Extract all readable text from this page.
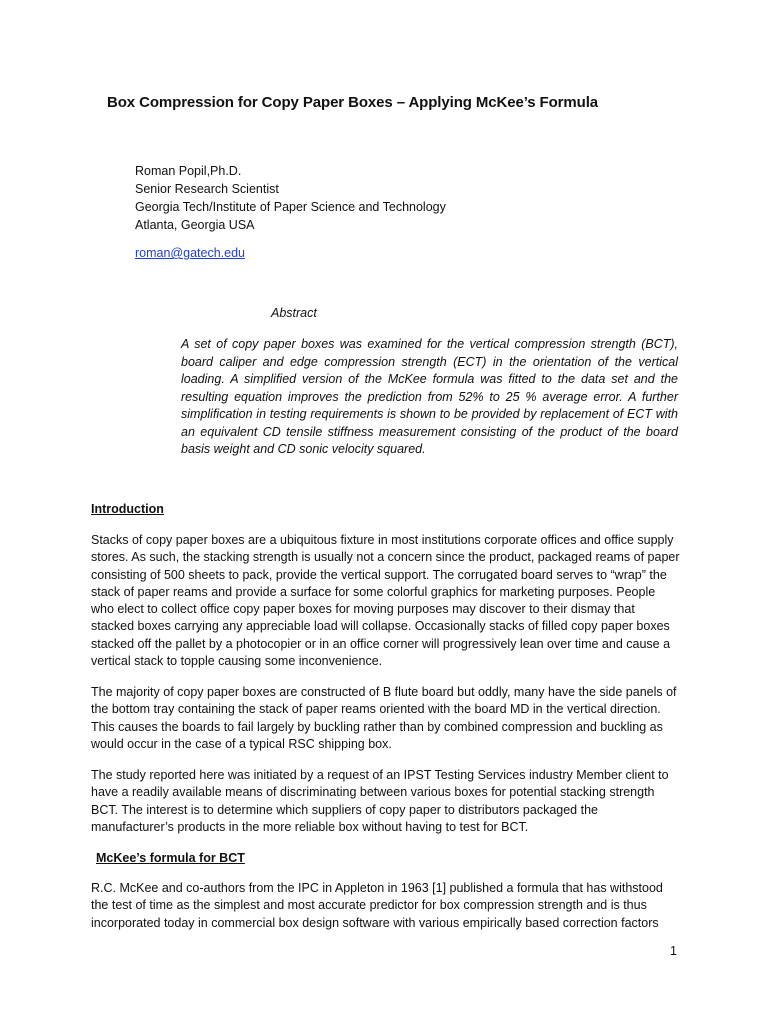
Box Compression for Copy Paper Boxes – Applying McKee’s Formula
Roman Popil,Ph.D.
Senior Research Scientist
Georgia Tech/Institute of Paper Science and Technology
Atlanta, Georgia USA
roman@gatech.edu
Abstract
A set of copy paper boxes was examined for the vertical compression strength (BCT), board caliper and edge compression strength (ECT) in the orientation of the vertical loading. A simplified version of the McKee formula was fitted to the data set and the resulting equation improves the prediction from 52% to 25 % average error. A further simplification in testing requirements is shown to be provided by replacement of ECT with an equivalent CD tensile stiffness measurement consisting of the product of the board basis weight and CD sonic velocity squared.
Introduction
Stacks of copy paper boxes are a ubiquitous fixture in most institutions corporate offices and office supply stores. As such, the stacking strength is usually not a concern since the product, packaged reams of paper consisting of 500 sheets to pack, provide the vertical support. The corrugated board serves to “wrap” the stack of paper reams and provide a surface for some colorful graphics for marketing purposes. People who elect to collect office copy paper boxes for moving purposes may discover to their dismay that stacked boxes carrying any appreciable load will collapse. Occasionally stacks of filled copy paper boxes stacked off the pallet by a photocopier or in an office corner will progressively lean over time and cause a vertical stack to topple causing some inconvenience.
The majority of copy paper boxes are constructed of B flute board but oddly, many have the side panels of the bottom tray containing the stack of paper reams oriented with the board MD in the vertical direction. This causes the boards to fail largely by buckling rather than by combined compression and buckling as would occur in the case of a typical RSC shipping box.
The study reported here was initiated by a request of an IPST Testing Services industry Member client to have a readily available means of discriminating between various boxes for potential stacking strength BCT. The interest is to determine which suppliers of copy paper to distributors packaged the manufacturer’s products in the more reliable box without having to test for BCT.
McKee’s formula for BCT
R.C. McKee and co-authors from the IPC in Appleton in 1963 [1] published a formula that has withstood the test of time as the simplest and most accurate predictor for box compression strength and is thus incorporated today in commercial box design software with various empirically based correction factors
1
